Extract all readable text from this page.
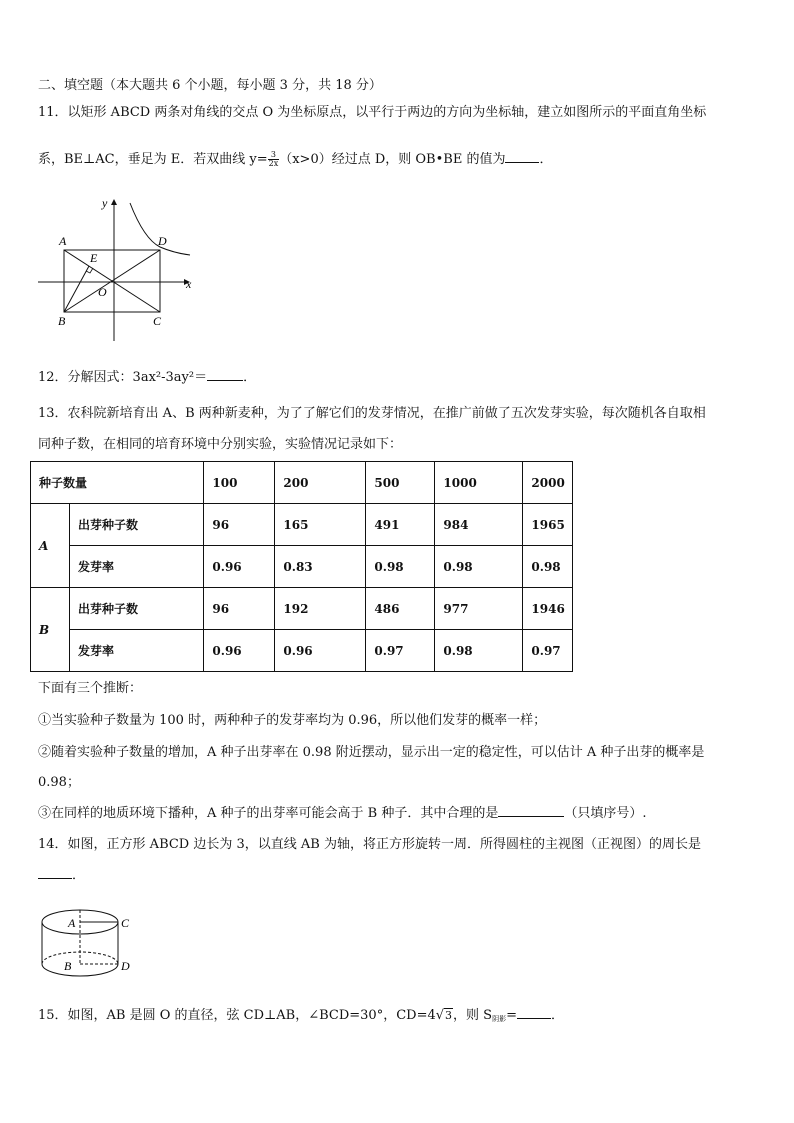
二、填空题（本大题共 6 个小题，每小题 3 分，共 18 分）
11．以矩形 ABCD 两条对角线的交点 O 为坐标原点，以平行于两边的方向为坐标轴，建立如图所示的平面直角坐标
系，BE⊥AC，垂足为 E．若双曲线 $y= \frac{3}{2x} (x>0)$经过点 D，则 OB•BE 的值为	．
y
x
A	D
E
O
B	C
12．分解因式：3ax²-3ay²＝	．
13．农科院新培育出 A、B 两种新麦种，为了了解它们的发芽情况，在推广前做了五次发芽实验，每次随机各自取相
同种子数，在相同的培育环境中分别实验，实验情况记录如下：
种子数量		100	200	500	1000	2000
A	出芽种子数	96	165	491	984	1965
	发芽率	0.96	0.83	0.98	0.98	0.98
B	出芽种子数	96	192	486	977	1946
	发芽率	0.96	0.96	0.97	0.98	0.97
下面有三个推断：
①当实验种子数量为 100 时，两种种子的发芽率均为 0.96，所以他们发芽的概率一样；
②随着实验种子数量的增加，A 种子出芽率在 0.98 附近摆动，显示出一定的稳定性，可以估计 A 种子出芽的概率是
0.98；
③在同样的地质环境下播种，A 种子的出芽率可能会高于 B 种子．其中合理的是	（只填序号）.
14．如图，正方形 ABCD 边长为 3，以直线 AB 为轴，将正方形旋转一周．所得圆柱的主视图（正视图）的周长是
．
A	C
B	D
15．如图，AB 是圆 O 的直径，弦 CD⊥AB，∠BCD=30°，CD=4√3，则 $S_{阴影}=$	．
